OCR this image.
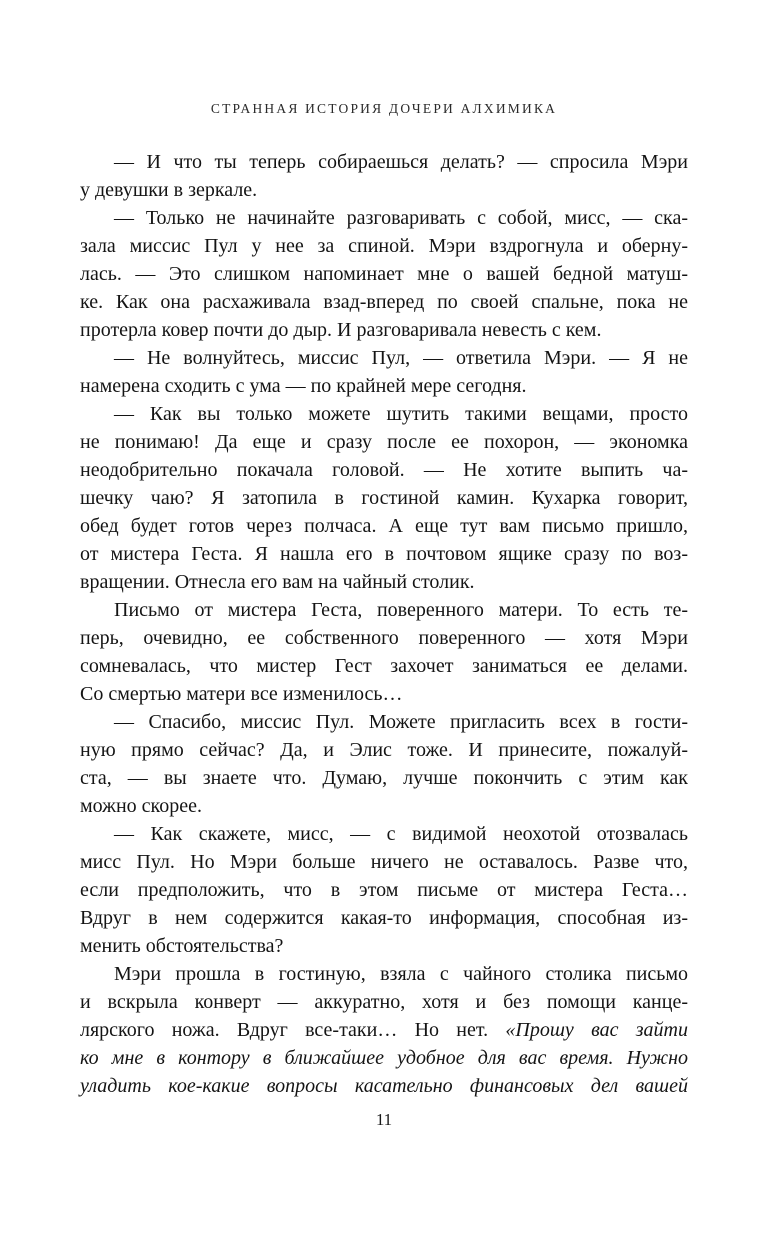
СТРАННАЯ ИСТОРИЯ ДОЧЕРИ АЛХИМИКА
— И что ты теперь собираешься делать? — спросила Мэри
у девушки в зеркале.
— Только не начинайте разговаривать с собой, мисс, — ска-
зала миссис Пул у нее за спиной. Мэри вздрогнула и оберну-
лась. — Это слишком напоминает мне о вашей бедной матуш-
ке. Как она расхаживала взад-вперед по своей спальне, пока не
протерла ковер почти до дыр. И разговаривала невесть с кем.
— Не волнуйтесь, миссис Пул, — ответила Мэри. — Я не
намерена сходить с ума — по крайней мере сегодня.
— Как вы только можете шутить такими вещами, просто
не понимаю! Да еще и сразу после ее похорон, — экономка
неодобрительно покачала головой. — Не хотите выпить ча-
шечку чаю? Я затопила в гостиной камин. Кухарка говорит,
обед будет готов через полчаса. А еще тут вам письмо пришло,
от мистера Геста. Я нашла его в почтовом ящике сразу по воз-
вращении. Отнесла его вам на чайный столик.
Письмо от мистера Геста, поверенного матери. То есть те-
перь, очевидно, ее собственного поверенного — хотя Мэри
сомневалась, что мистер Гест захочет заниматься ее делами.
Со смертью матери все изменилось…
— Спасибо, миссис Пул. Можете пригласить всех в гости-
ную прямо сейчас? Да, и Элис тоже. И принесите, пожалуй-
ста, — вы знаете что. Думаю, лучше покончить с этим как
можно скорее.
— Как скажете, мисс, — с видимой неохотой отозвалась
мисс Пул. Но Мэри больше ничего не оставалось. Разве что,
если предположить, что в этом письме от мистера Геста…
Вдруг в нем содержится какая-то информация, способная из-
менить обстоятельства?
Мэри прошла в гостиную, взяла с чайного столика письмо
и вскрыла конверт — аккуратно, хотя и без помощи канце-
лярского ножа. Вдруг все-таки… Но нет. «Прошу вас зайти
ко мне в контору в ближайшее удобное для вас время. Нужно
уладить кое-какие вопросы касательно финансовых дел вашей
11
